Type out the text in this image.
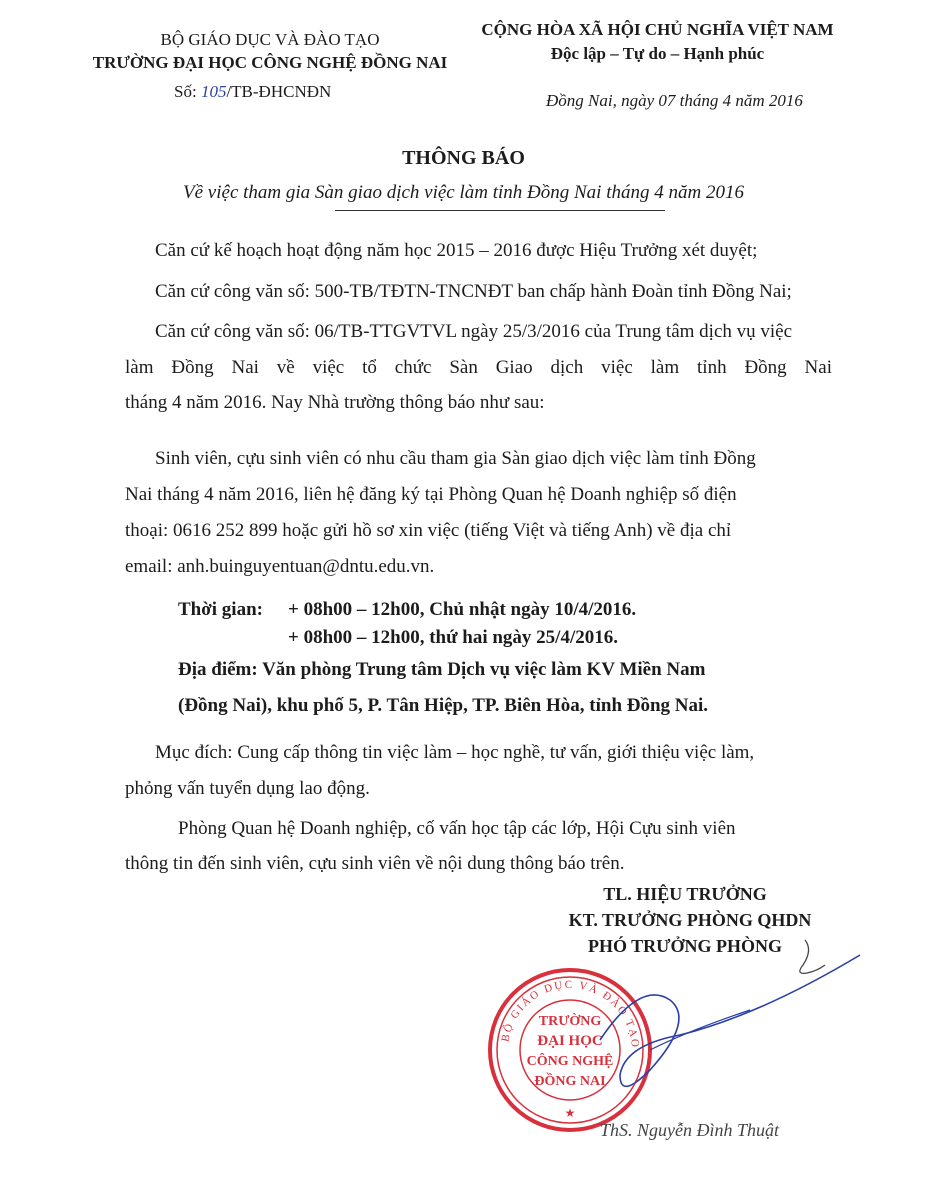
BỘ GIÁO DỤC VÀ ĐÀO TẠO
TRƯỜNG ĐẠI HỌC CÔNG NGHỆ ĐỒNG NAI
Số: 105/TB-ĐHCNĐN
CỘNG HÒA XÃ HỘI CHỦ NGHĨA VIỆT NAM
Độc lập – Tự do – Hạnh phúc
Đồng Nai, ngày 07 tháng 4 năm 2016
THÔNG BÁO
Về việc tham gia Sàn giao dịch việc làm tỉnh Đồng Nai tháng 4 năm 2016
Căn cứ kế hoạch hoạt động năm học 2015 – 2016 được Hiệu Trưởng xét duyệt;
Căn cứ công văn số: 500-TB/TĐTN-TNCNĐT ban chấp hành Đoàn tỉnh Đồng Nai;
Căn cứ công văn số: 06/TB-TTGVTVL ngày 25/3/2016 của Trung tâm dịch vụ việc
làm Đồng Nai về việc tổ chức Sàn Giao dịch việc làm tỉnh Đồng Nai
tháng 4 năm 2016. Nay Nhà trường thông báo như sau:
Sinh viên, cựu sinh viên có nhu cầu tham gia Sàn giao dịch việc làm tỉnh Đồng
Nai tháng 4 năm 2016, liên hệ đăng ký tại Phòng Quan hệ Doanh nghiệp số điện
thoại: 0616 252 899 hoặc gửi hồ sơ xin việc (tiếng Việt và tiếng Anh) về địa chỉ
email: anh.buinguyentuan@dntu.edu.vn.
Thời gian: + 08h00 – 12h00, Chủ nhật ngày 10/4/2016.
+ 08h00 – 12h00, thứ hai ngày 25/4/2016.
Địa điểm: Văn phòng Trung tâm Dịch vụ việc làm KV Miền Nam
(Đồng Nai), khu phố 5, P. Tân Hiệp, TP. Biên Hòa, tỉnh Đồng Nai.
Mục đích: Cung cấp thông tin việc làm – học nghề, tư vấn, giới thiệu việc làm,
phỏng vấn tuyển dụng lao động.
Phòng Quan hệ Doanh nghiệp, cố vấn học tập các lớp, Hội Cựu sinh viên
thông tin đến sinh viên, cựu sinh viên về nội dung thông báo trên.
TL. HIỆU TRƯỞNG
KT. TRƯỞNG PHÒNG QHDN
PHÓ TRƯỞNG PHÒNG
BỘ GIÁO DỤC VÀ ĐÀO TẠO
TRƯỜNG
ĐẠI HỌC
CÔNG NGHỆ
ĐỒNG NAI
★
ThS. Nguyễn Đình Thuật
